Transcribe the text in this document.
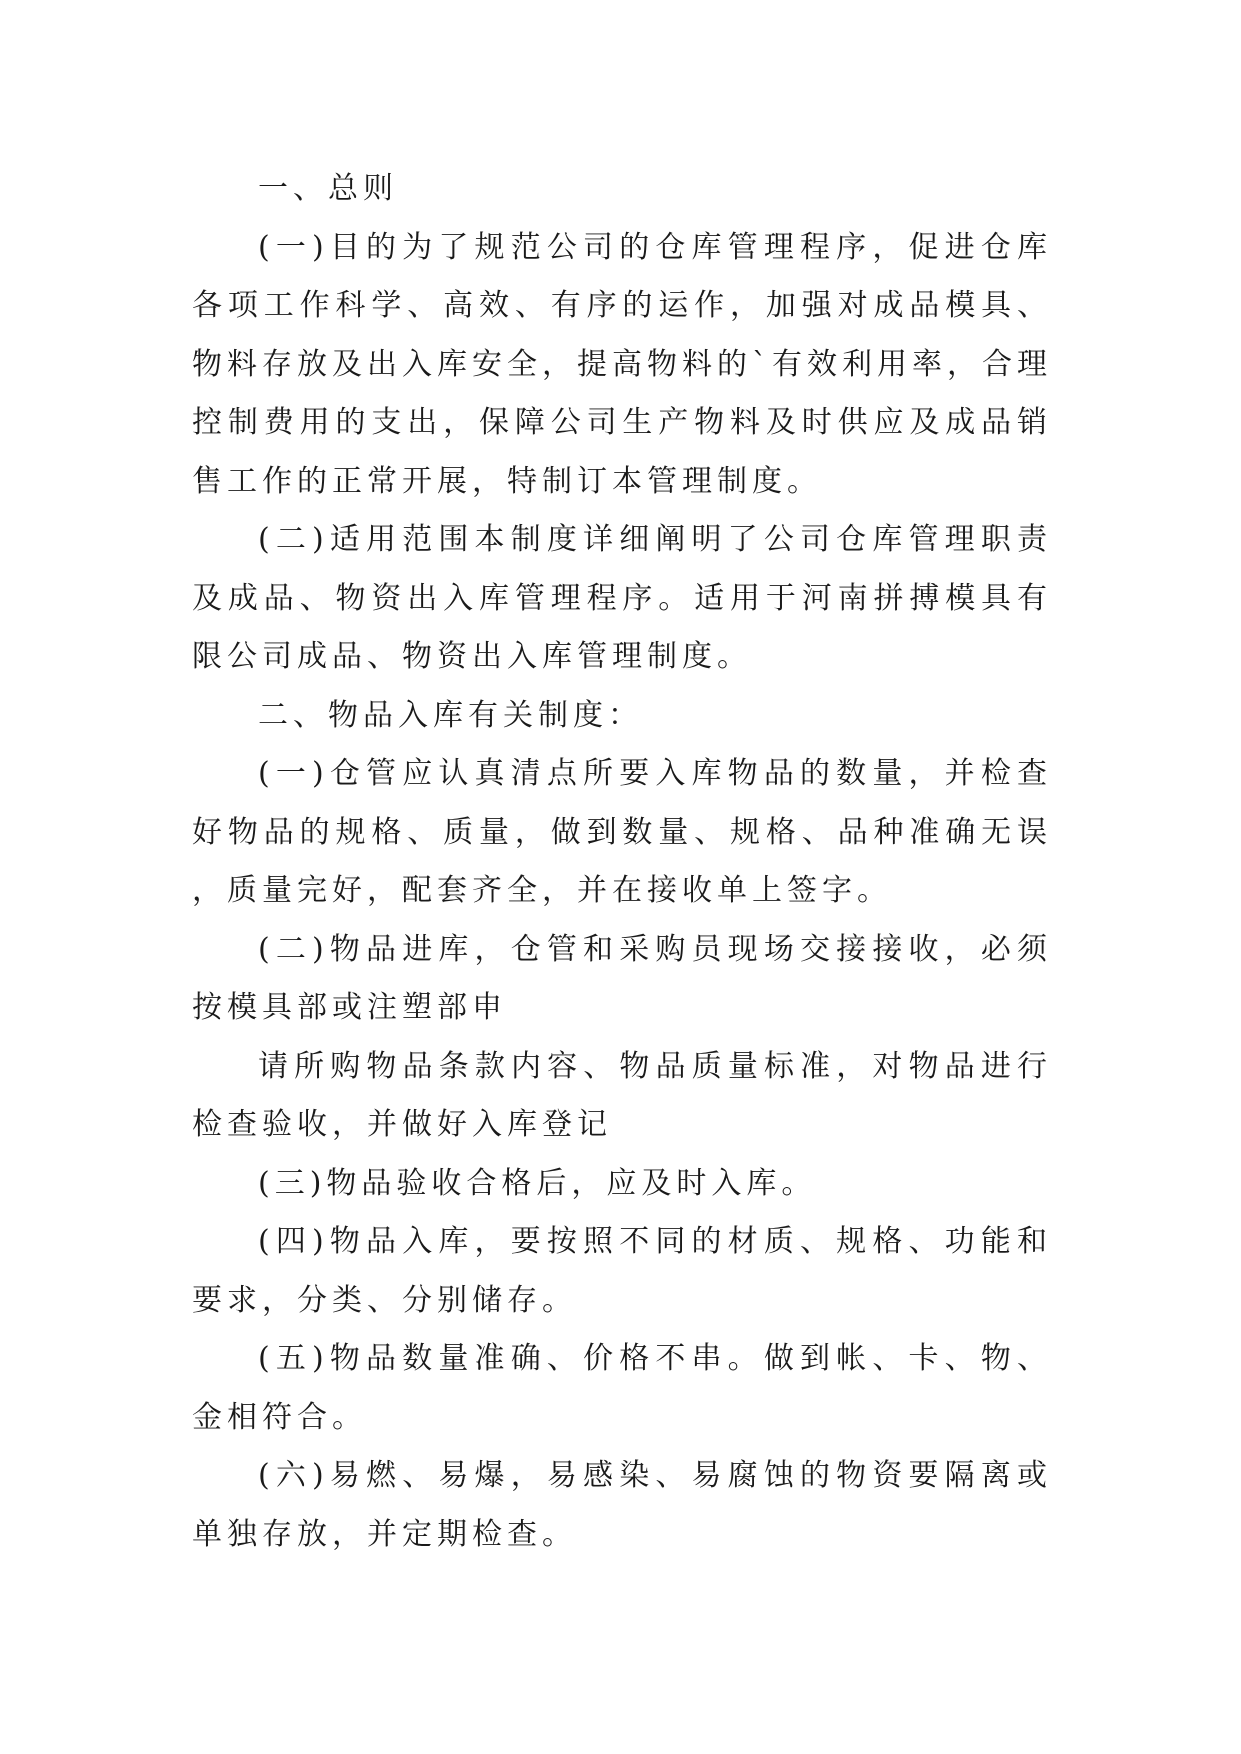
一、总则

(一)目的为了规范公司的仓库管理程序，促进仓库各项工作科学、高效、有序的运作，加强对成品模具、物料存放及出入库安全，提高物料的`有效利用率，合理控制费用的支出，保障公司生产物料及时供应及成品销售工作的正常开展，特制订本管理制度。

(二)适用范围本制度详细阐明了公司仓库管理职责及成品、物资出入库管理程序。适用于河南拼搏模具有限公司成品、物资出入库管理制度。

二、物品入库有关制度：

(一)仓管应认真清点所要入库物品的数量，并检查好物品的规格、质量，做到数量、规格、品种准确无误，质量完好，配套齐全，并在接收单上签字。

(二)物品进库，仓管和采购员现场交接接收，必须按模具部或注塑部申

请所购物品条款内容、物品质量标准，对物品进行检查验收，并做好入库登记

(三)物品验收合格后，应及时入库。

(四)物品入库，要按照不同的材质、规格、功能和要求，分类、分别储存。

(五)物品数量准确、价格不串。做到帐、卡、物、金相符合。

(六)易燃、易爆，易感染、易腐蚀的物资要隔离或单独存放，并定期检查。
